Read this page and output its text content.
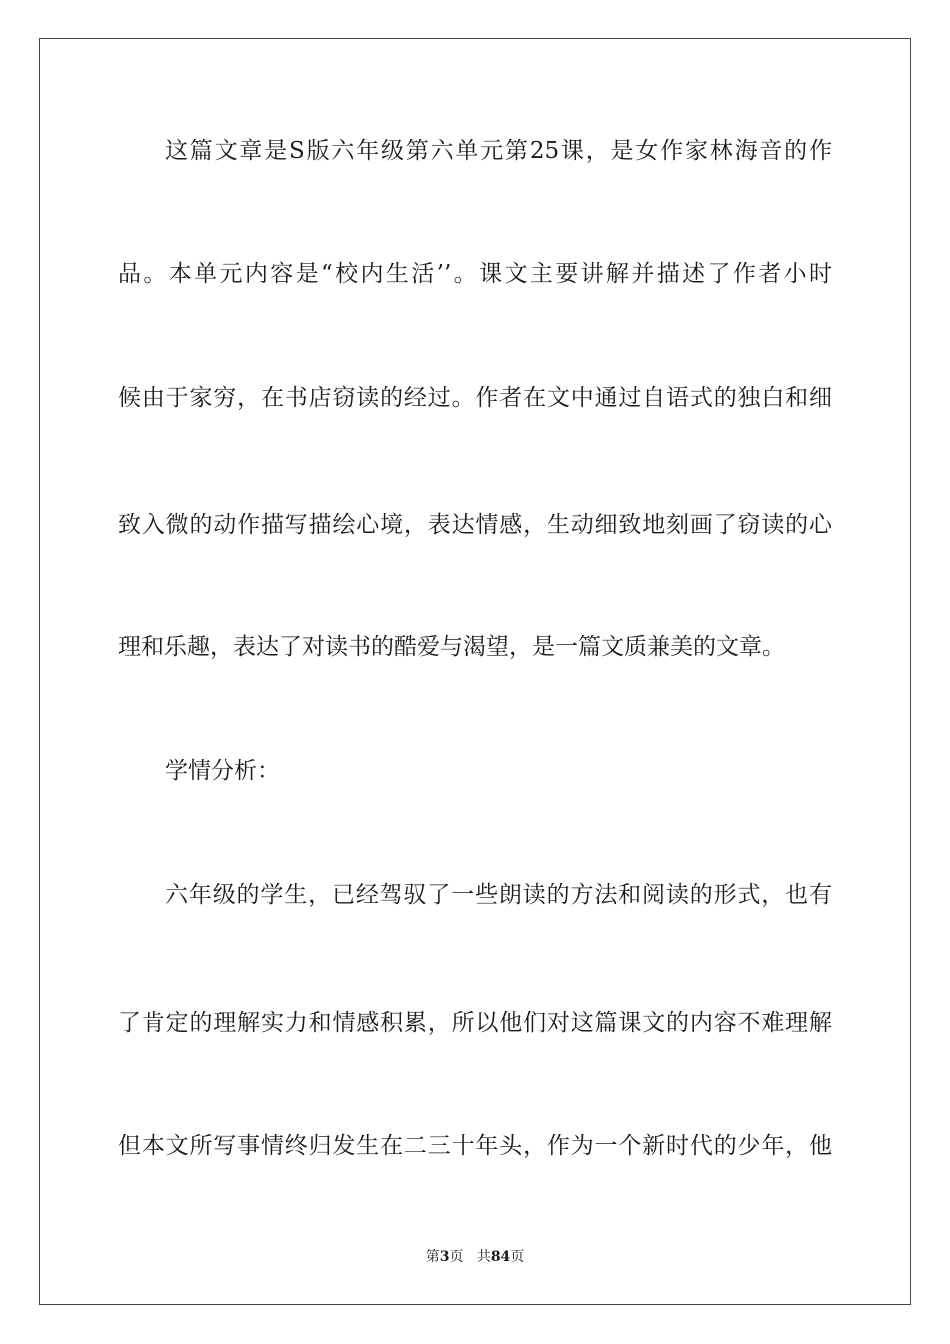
这篇文章是S版六年级第六单元第25课，是女作家林海音的作
品。本单元内容是“校内生活’’。课文主要讲解并描述了作者小时
候由于家穷，在书店窃读的经过。作者在文中通过自语式的独白和细
致入微的动作描写描绘心境，表达情感，生动细致地刻画了窃读的心
理和乐趣，表达了对读书的酷爱与渴望，是一篇文质兼美的文章。
学情分析：
六年级的学生，已经驾驭了一些朗读的方法和阅读的形式，也有
了肯定的理解实力和情感积累，所以他们对这篇课文的内容不难理解
但本文所写事情终归发生在二三十年头，作为一个新时代的少年，他
第3页 共84页
